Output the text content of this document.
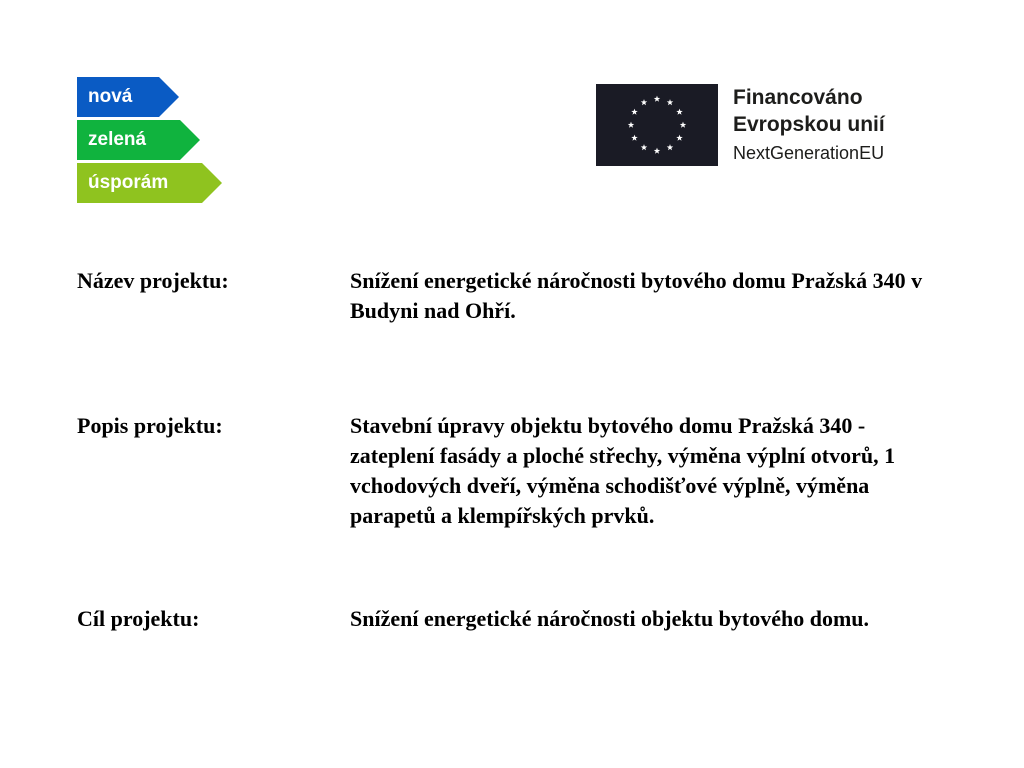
nová
zelená
úsporám
Financováno
Evropskou unií
NextGenerationEU
Název projektu:	Snížení energetické náročnosti bytového domu Pražská 340 v Budyni nad Ohří.
Popis projektu:	Stavební úpravy objektu bytového domu Pražská 340 - zateplení fasády a ploché střechy, výměna výplní otvorů, 1 vchodových dveří, výměna schodišťové výplně, výměna parapetů a klempířských prvků.
Cíl projektu:	Snížení energetické náročnosti objektu bytového domu.
